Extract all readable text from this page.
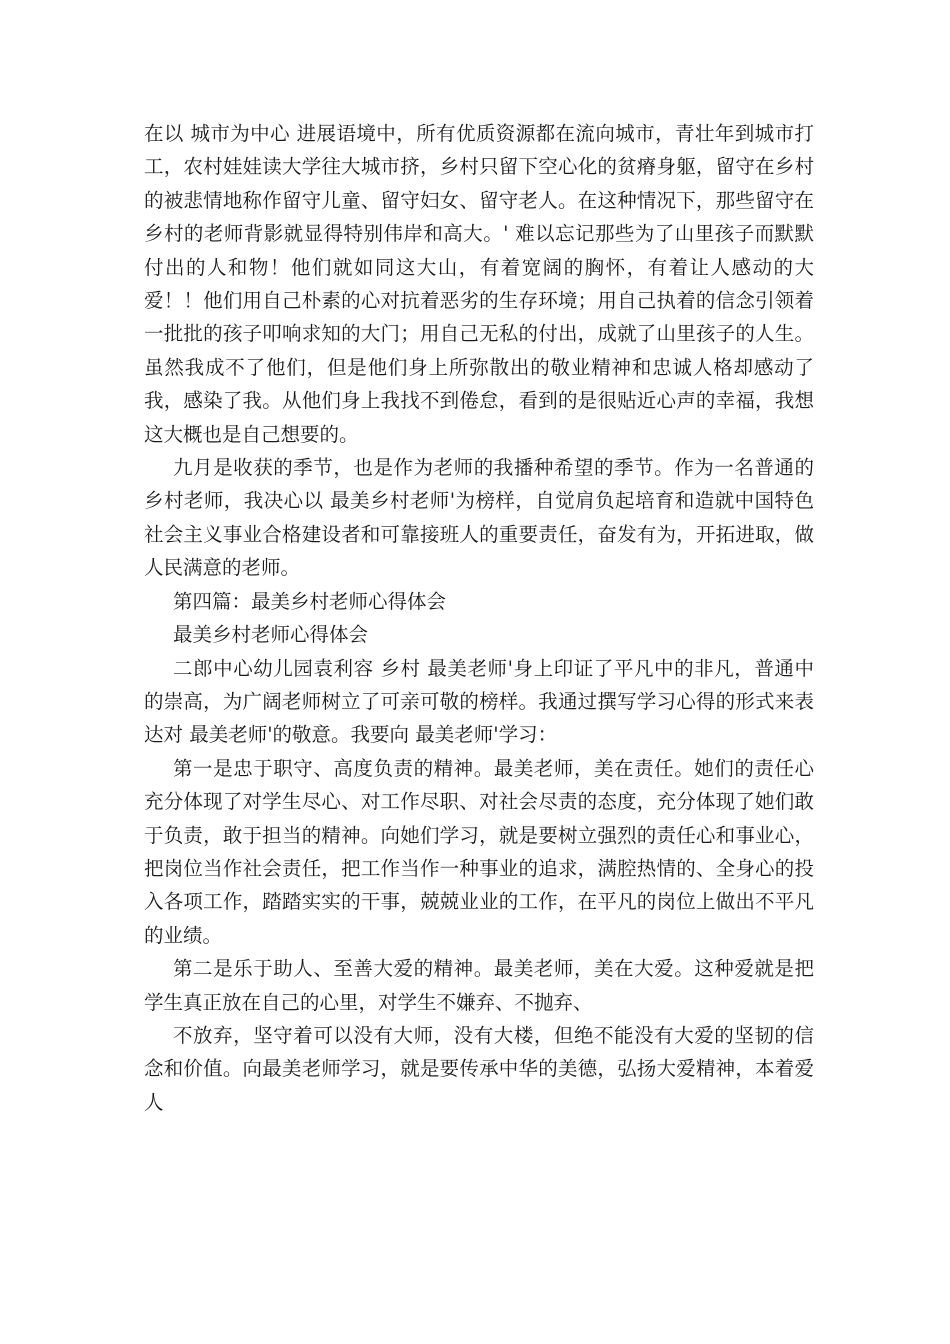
在以 城市为中心 进展语境中，所有优质资源都在流向城市，青壮年到城市打工，农村娃娃读大学往大城市挤，乡村只留下空心化的贫瘠身躯，留守在乡村的被悲情地称作留守儿童、留守妇女、留守老人。在这种情况下，那些留守在乡村的老师背影就显得特别伟岸和高大。' 难以忘记那些为了山里孩子而默默付出的人和物！他们就如同这大山，有着宽阔的胸怀，有着让人感动的大爱！！他们用自己朴素的心对抗着恶劣的生存环境；用自己执着的信念引领着一批批的孩子叩响求知的大门；用自己无私的付出，成就了山里孩子的人生。虽然我成不了他们，但是他们身上所弥散出的敬业精神和忠诚人格却感动了我，感染了我。从他们身上我找不到倦怠，看到的是很贴近心声的幸福，我想这大概也是自己想要的。

九月是收获的季节，也是作为老师的我播种希望的季节。作为一名普通的乡村老师，我决心以 最美乡村老师'为榜样，自觉肩负起培育和造就中国特色社会主义事业合格建设者和可靠接班人的重要责任，奋发有为，开拓进取，做人民满意的老师。

第四篇：最美乡村老师心得体会

最美乡村老师心得体会

二郎中心幼儿园袁利容 乡村 最美老师'身上印证了平凡中的非凡，普通中的崇高，为广阔老师树立了可亲可敬的榜样。我通过撰写学习心得的形式来表达对 最美老师'的敬意。我要向 最美老师'学习：

第一是忠于职守、高度负责的精神。最美老师，美在责任。她们的责任心充分体现了对学生尽心、对工作尽职、对社会尽责的态度，充分体现了她们敢于负责，敢于担当的精神。向她们学习，就是要树立强烈的责任心和事业心，把岗位当作社会责任，把工作当作一种事业的追求，满腔热情的、全身心的投入各项工作，踏踏实实的干事，兢兢业业的工作，在平凡的岗位上做出不平凡的业绩。

第二是乐于助人、至善大爱的精神。最美老师，美在大爱。这种爱就是把学生真正放在自己的心里，对学生不嫌弃、不抛弃、

不放弃，坚守着可以没有大师，没有大楼，但绝不能没有大爱的坚韧的信念和价值。向最美老师学习，就是要传承中华的美德，弘扬大爱精神，本着爱人
